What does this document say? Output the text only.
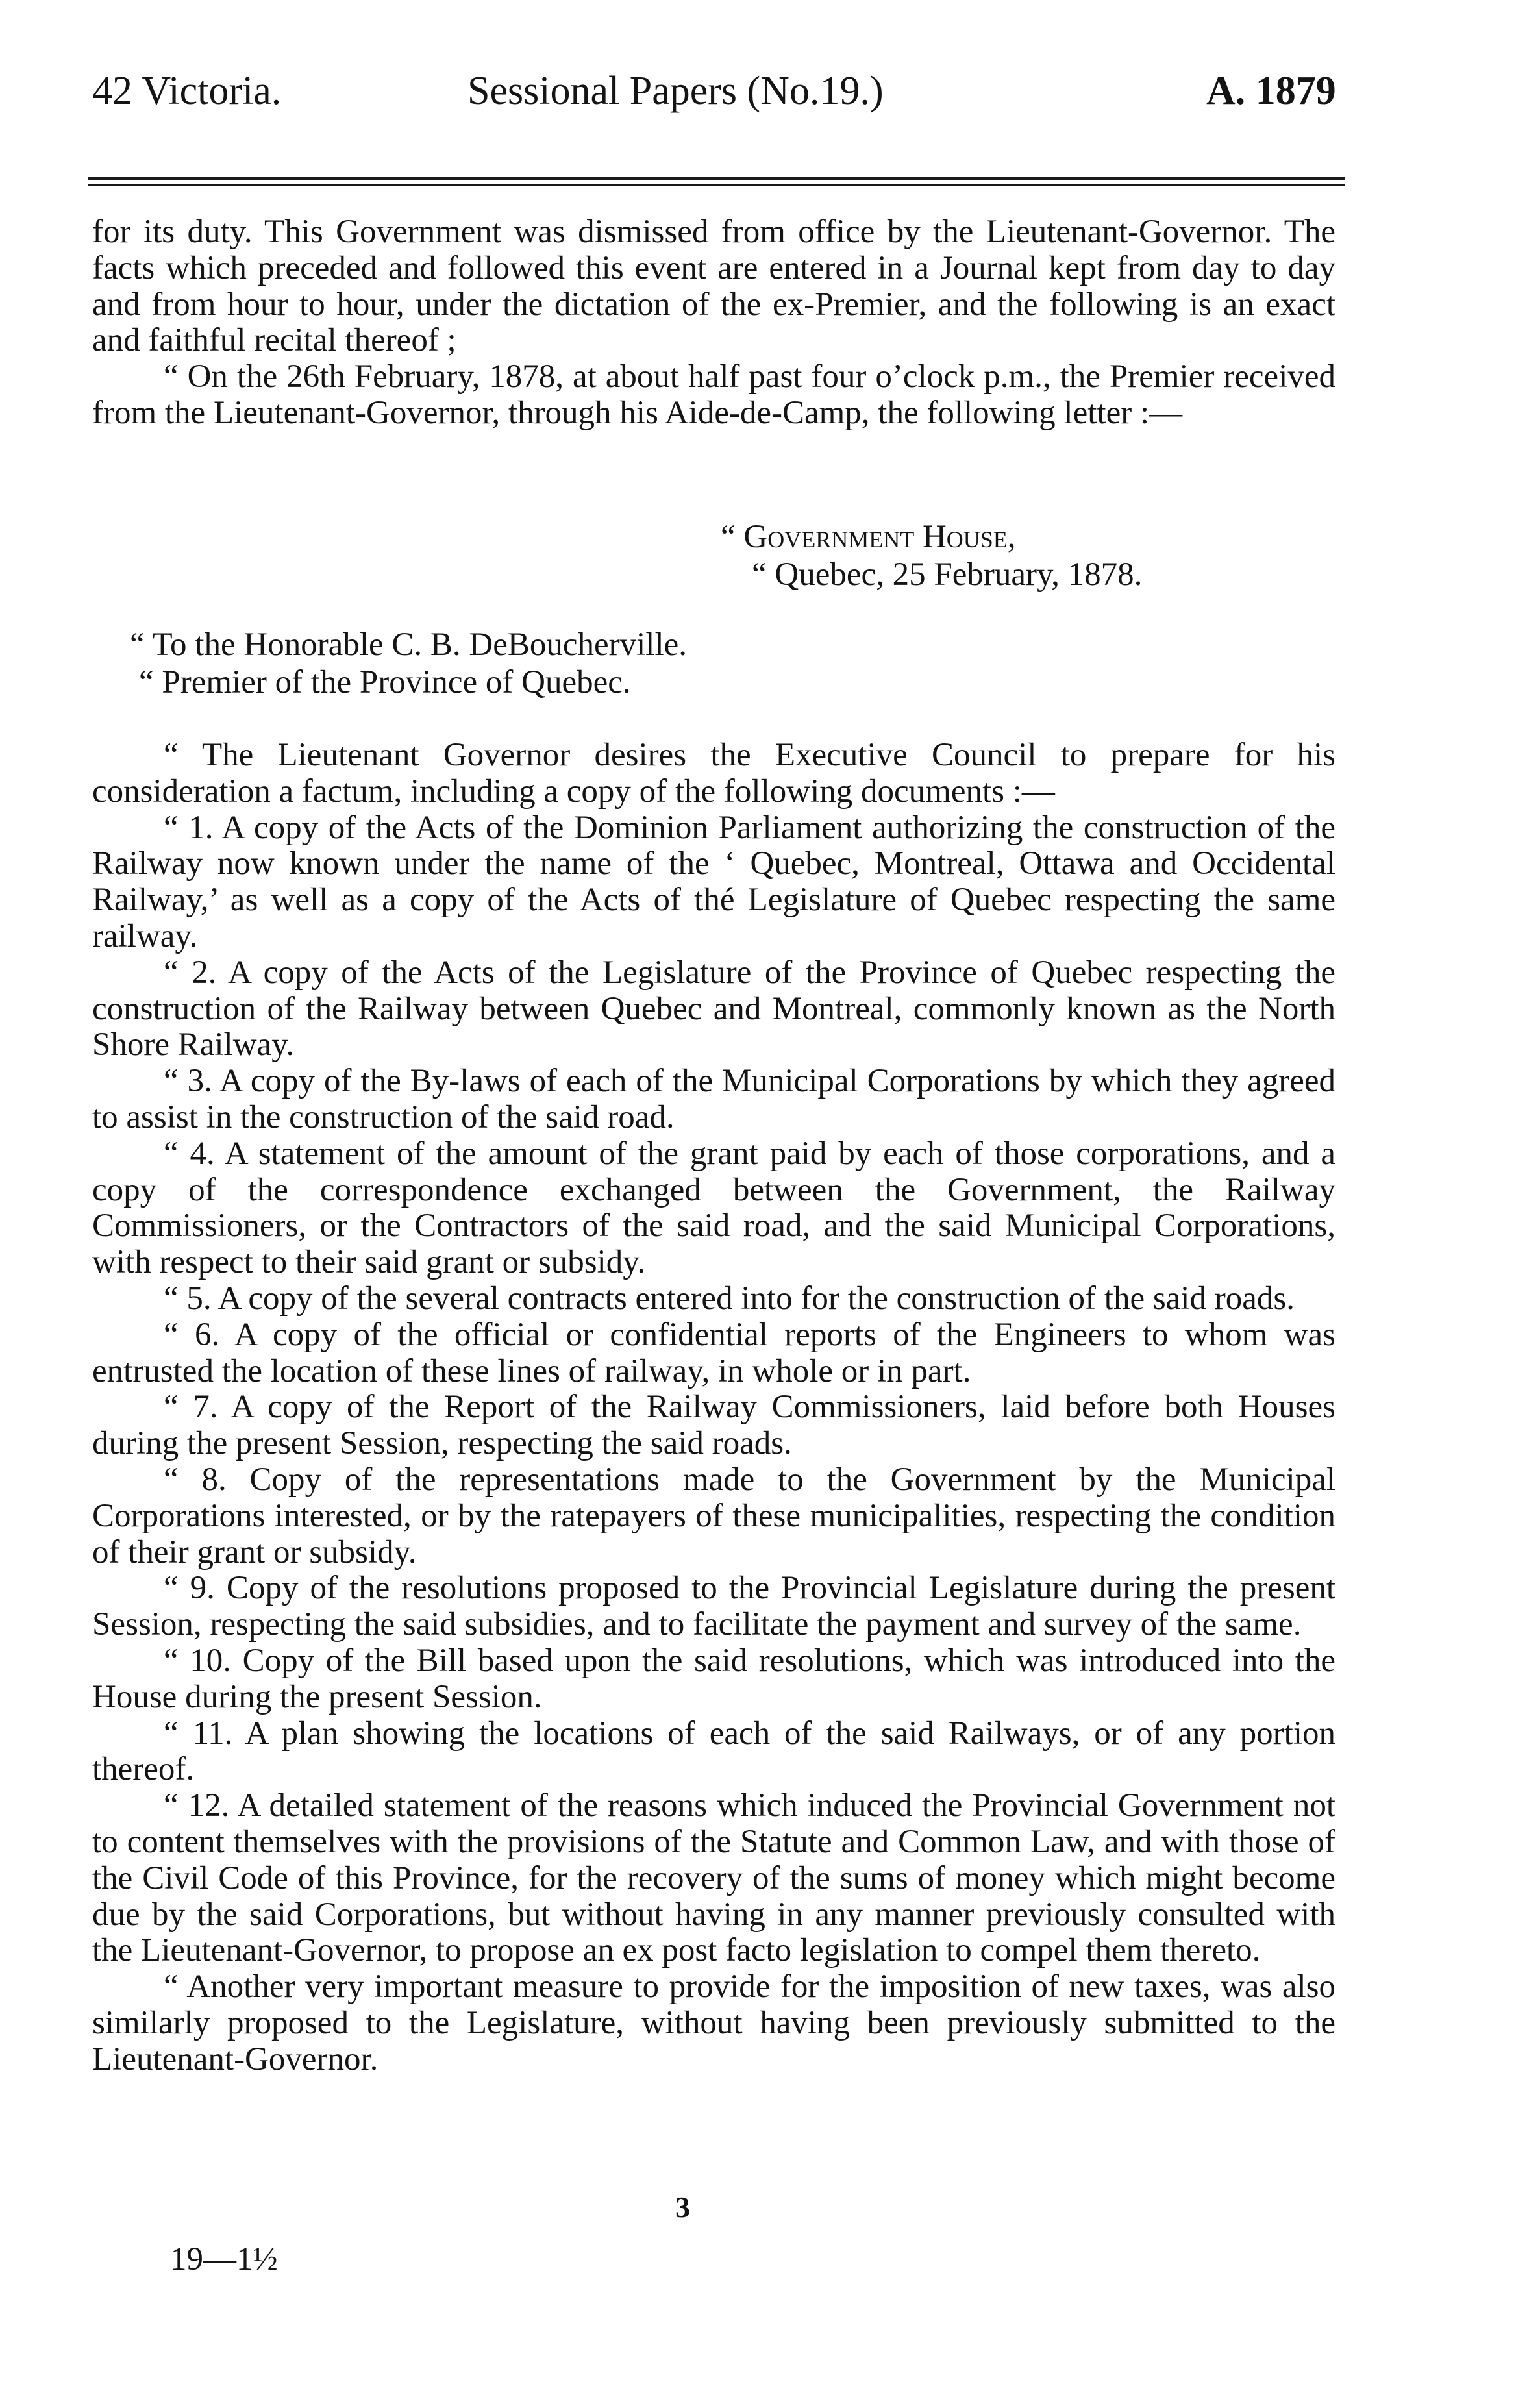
42 Victoria.	Sessional Papers (No.19.)	A. 1879

for its duty. This Government was dismissed from office by the Lieutenant-Governor. The facts which preceded and followed this event are entered in a Journal kept from day to day and from hour to hour, under the dictation of the ex-Premier, and the following is an exact and faithful recital thereof ;

“ On the 26th February, 1878, at about half past four o’clock p.m., the Premier received from the Lieutenant-Governor, through his Aide-de-Camp, the following letter :—

“ Government House,
“ Quebec, 25 February, 1878.
“ To the Honorable C. B. DeBoucherville.
“ Premier of the Province of Quebec.

“ The Lieutenant Governor desires the Executive Council to prepare for his consideration a factum, including a copy of the following documents :—

“ 1. A copy of the Acts of the Dominion Parliament authorizing the construction of the Railway now known under the name of the ‘ Quebec, Montreal, Ottawa and Occidental Railway,’ as well as a copy of the Acts of thé Legislature of Quebec respecting the same railway.

“ 2. A copy of the Acts of the Legislature of the Province of Quebec respecting the construction of the Railway between Quebec and Montreal, commonly known as the North Shore Railway.

“ 3. A copy of the By-laws of each of the Municipal Corporations by which they agreed to assist in the construction of the said road.

“ 4. A statement of the amount of the grant paid by each of those corporations, and a copy of the correspondence exchanged between the Government, the Railway Commissioners, or the Contractors of the said road, and the said Municipal Corporations, with respect to their said grant or subsidy.

“ 5. A copy of the several contracts entered into for the construction of the said roads.

“ 6. A copy of the official or confidential reports of the Engineers to whom was entrusted the location of these lines of railway, in whole or in part.

“ 7. A copy of the Report of the Railway Commissioners, laid before both Houses during the present Session, respecting the said roads.

“ 8. Copy of the representations made to the Government by the Municipal Corporations interested, or by the ratepayers of these municipalities, respecting the condition of their grant or subsidy.

“ 9. Copy of the resolutions proposed to the Provincial Legislature during the present Session, respecting the said subsidies, and to facilitate the payment and survey of the same.

“ 10. Copy of the Bill based upon the said resolutions, which was introduced into the House during the present Session.

“ 11. A plan showing the locations of each of the said Railways, or of any portion thereof.

“ 12. A detailed statement of the reasons which induced the Provincial Government not to content themselves with the provisions of the Statute and Common Law, and with those of the Civil Code of this Province, for the recovery of the sums of money which might become due by the said Corporations, but without having in any manner previously consulted with the Lieutenant-Governor, to propose an ex post facto legislation to compel them thereto.

“ Another very important measure to provide for the imposition of new taxes, was also similarly proposed to the Legislature, without having been previously submitted to the Lieutenant-Governor.

3
19—1½
